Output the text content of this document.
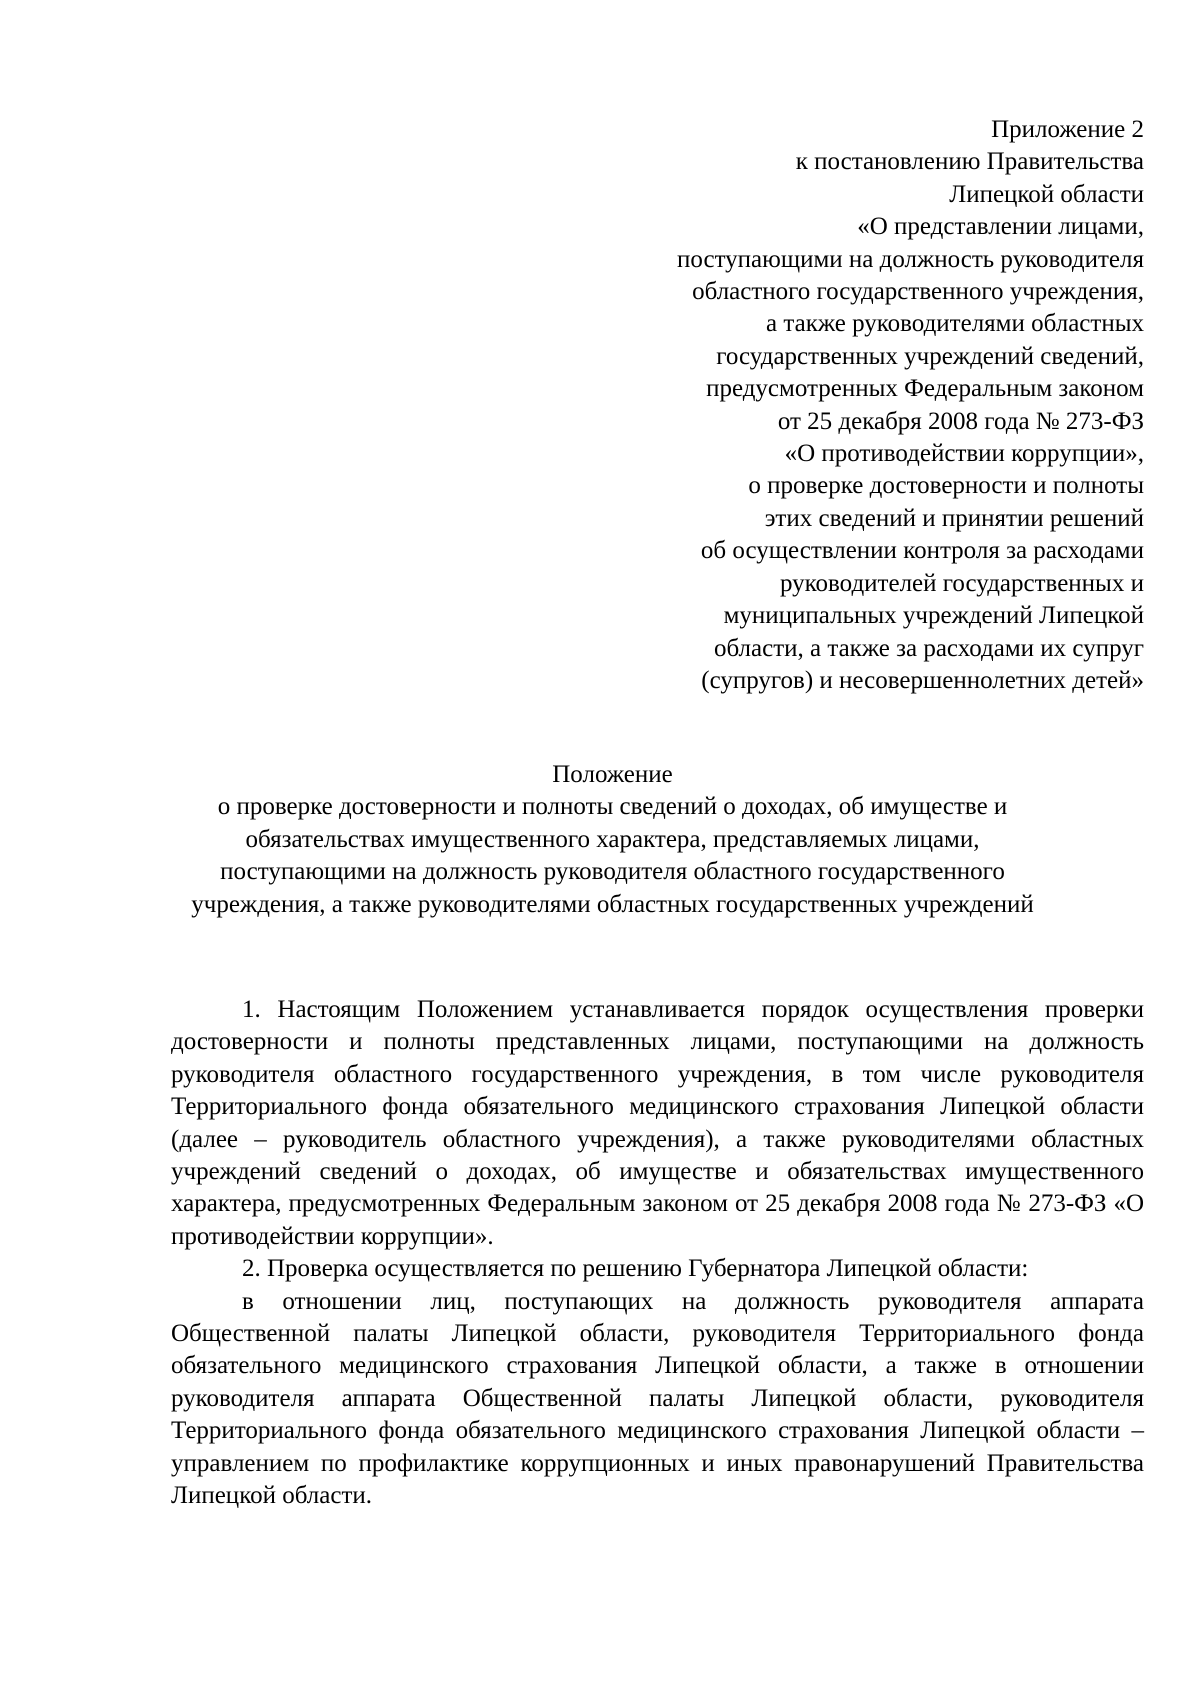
Приложение 2
к постановлению Правительства
Липецкой области
«О представлении лицами,
поступающими на должность руководителя
областного государственного учреждения,
а также руководителями областных
государственных учреждений сведений,
предусмотренных Федеральным законом
от 25 декабря 2008 года № 273-ФЗ
«О противодействии коррупции»,
о проверке достоверности и полноты
этих сведений и принятии решений
об осуществлении контроля за расходами
руководителей государственных и
муниципальных учреждений Липецкой
области, а также за расходами их супруг
(супругов) и несовершеннолетних детей»
Положение
о проверке достоверности и полноты сведений о доходах, об имуществе и
обязательствах имущественного характера, представляемых лицами,
поступающими на должность руководителя областного государственного
учреждения, а также руководителями областных государственных учреждений

1. Настоящим Положением устанавливается порядок осуществления проверки достоверности и полноты представленных лицами, поступающими на должность руководителя областного государственного учреждения, в том числе руководителя Территориального фонда обязательного медицинского страхования Липецкой области (далее – руководитель областного учреждения), а также руководителями областных учреждений сведений о доходах, об имуществе и обязательствах имущественного характера, предусмотренных Федеральным законом от 25 декабря 2008 года № 273-ФЗ «О противодействии коррупции».

2. Проверка осуществляется по решению Губернатора Липецкой области:

в отношении лиц, поступающих на должность руководителя аппарата Общественной палаты Липецкой области, руководителя Территориального фонда обязательного медицинского страхования Липецкой области, а также в отношении руководителя аппарата Общественной палаты Липецкой области, руководителя Территориального фонда обязательного медицинского страхования Липецкой области – управлением по профилактике коррупционных и иных правонарушений Правительства Липецкой области.
